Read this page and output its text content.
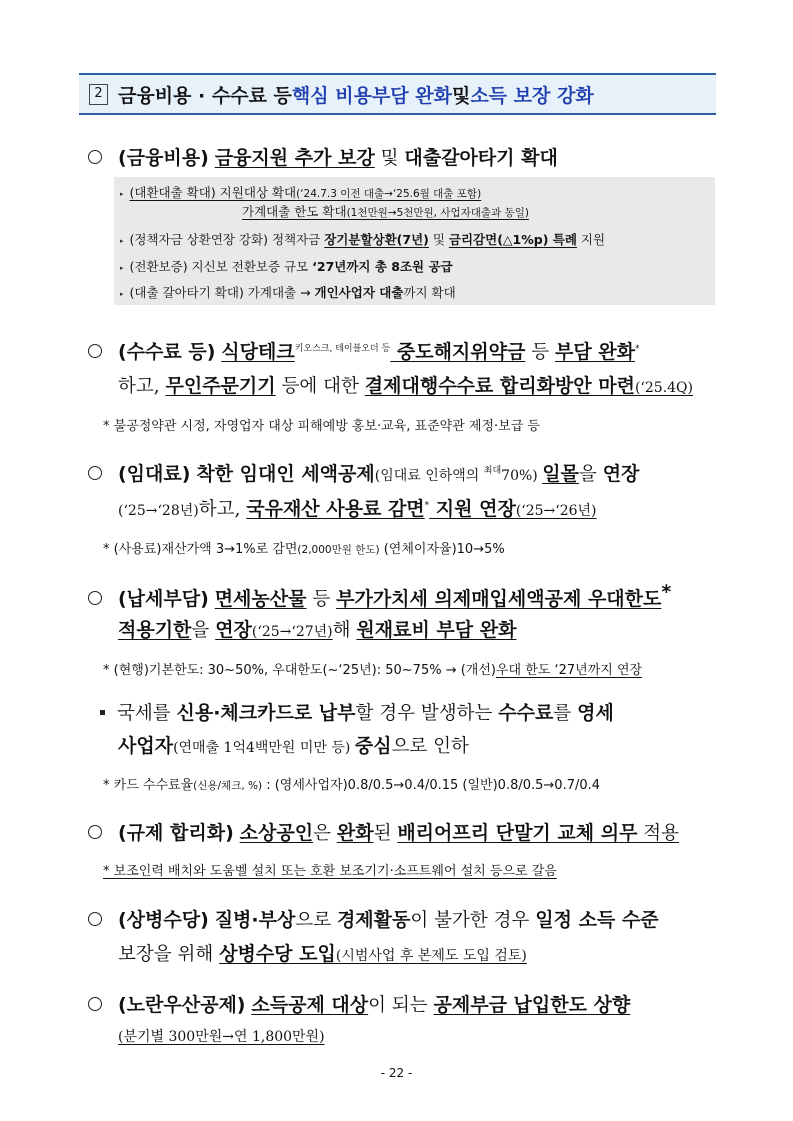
2 금융비용 · 수수료 등 핵심 비용부담 완화 및 소득 보장 강화
(금융비용) 금융지원 추가 보강 및 대출갈아타기 확대
▸ (대환대출 확대) 지원대상 확대(‘24.7.3 이전 대출→‘25.6월 대출 포함)
가계대출 한도 확대(1천만원→5천만원, 사업자대출과 동일)
▸ (정책자금 상환연장 강화) 정책자금 장기분할상환(7년) 및 금리감면(△1%p) 특례 지원
▸ (전환보증) 지신보 전환보증 규모 ‘27년까지 총 8조원 공급
▸ (대출 갈아타기 확대) 가계대출 → 개인사업자 대출까지 확대
(수수료 등) 식당테크$^{키오스크, 테이블오더 등}$ 중도해지위약금 등 부담 완화*
하고, 무인주문기기 등에 대한 결제대행수수료 합리화방안 마련(‘25.4Q)
* 불공정약관 시정, 자영업자 대상 피해예방 홍보·교육, 표준약관 제정·보급 등
(임대료) 착한 임대인 세액공제(임대료 인하액의 $^{최대}$70%) 일몰을 연장
(‘25→‘28년)하고, 국유재산 사용료 감면* 지원 연장(‘25→‘26년)
* (사용료)재산가액 3→1%로 감면(2,000만원 한도) (연체이자율)10→5%
(납세부담) 면세농산물 등 부가가치세 의제매입세액공제 우대한도*
적용기한을 연장(‘25→‘27년)해 원재료비 부담 완화
* (현행)기본한도: 30~50%, 우대한도(~‘25년): 50~75% → (개선)우대 한도 ‘27년까지 연장
국세를 신용·체크카드로 납부할 경우 발생하는 수수료를 영세
사업자(연매출 1억4백만원 미만 등) 중심으로 인하
* 카드 수수료율(신용/체크, %) : (영세사업자)0.8/0.5→0.4/0.15 (일반)0.8/0.5→0.7/0.4
(규제 합리화) 소상공인은 완화된 배리어프리 단말기 교체 의무 적용
* 보조인력 배치와 도움벨 설치 또는 호환 보조기기·소프트웨어 설치 등으로 갈음
(상병수당) 질병·부상으로 경제활동이 불가한 경우 일정 소득 수준
보장을 위해 상병수당 도입(시범사업 후 본제도 도입 검토)
(노란우산공제) 소득공제 대상이 되는 공제부금 납입한도 상향
(분기별 300만원→연 1,800만원)
- 22 -
